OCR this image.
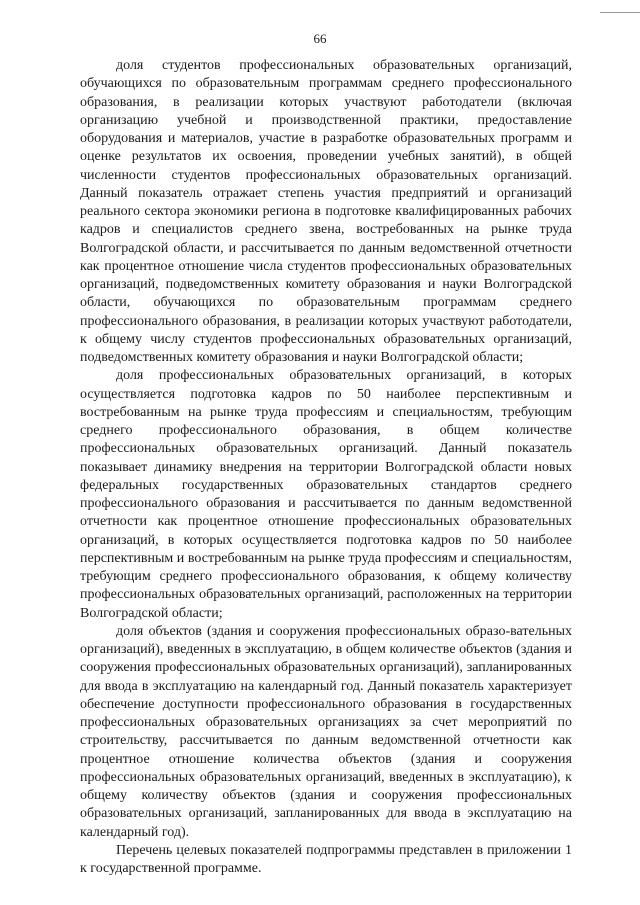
66

доля студентов профессиональных образовательных организаций, обучающихся по образовательным программам среднего профессионального образования, в реализации которых участвуют работодатели (включая организацию учебной и производственной практики, предоставление оборудования и материалов, участие в разработке образовательных программ и оценке результатов их освоения, проведении учебных занятий), в общей численности студентов профессиональных образовательных организаций. Данный показатель отражает степень участия предприятий и организаций реального сектора экономики региона в подготовке квалифицированных рабочих кадров и специалистов среднего звена, востребованных на рынке труда Волгоградской области, и рассчитывается по данным ведомственной отчетности как процентное отношение числа студентов профессиональных образовательных организаций, подведомственных комитету образования и науки Волгоградской области, обучающихся по образовательным программам среднего профессионального образования, в реализации которых участвуют работодатели, к общему числу студентов профессиональных образовательных организаций, подведомственных комитету образования и науки Волгоградской области;

доля профессиональных образовательных организаций, в которых осуществляется подготовка кадров по 50 наиболее перспективным и востребованным на рынке труда профессиям и специальностям, требующим среднего профессионального образования, в общем количестве профессиональных образовательных организаций. Данный показатель показывает динамику внедрения на территории Волгоградской области новых федеральных государственных образовательных стандартов среднего профессионального образования и рассчитывается по данным ведомственной отчетности как процентное отношение профессиональных образовательных организаций, в которых осуществляется подготовка кадров по 50 наиболее перспективным и востребованным на рынке труда профессиям и специальностям, требующим среднего профессионального образования, к общему количеству профессиональных образовательных организаций, расположенных на территории Волгоградской области;

доля объектов (здания и сооружения профессиональных образо-вательных организаций), введенных в эксплуатацию, в общем количестве объектов (здания и сооружения профессиональных образовательных организаций), запланированных для ввода в эксплуатацию на календарный год. Данный показатель характеризует обеспечение доступности профессионального образования в государственных профессиональных образовательных организациях за счет мероприятий по строительству, рассчитывается по данным ведомственной отчетности как процентное отношение количества объектов (здания и сооружения профессиональных образовательных организаций, введенных в эксплуатацию), к общему количеству объектов (здания и сооружения профессиональных образовательных организаций, запланированных для ввода в эксплуатацию на календарный год).

Перечень целевых показателей подпрограммы представлен в приложении 1 к государственной программе.
